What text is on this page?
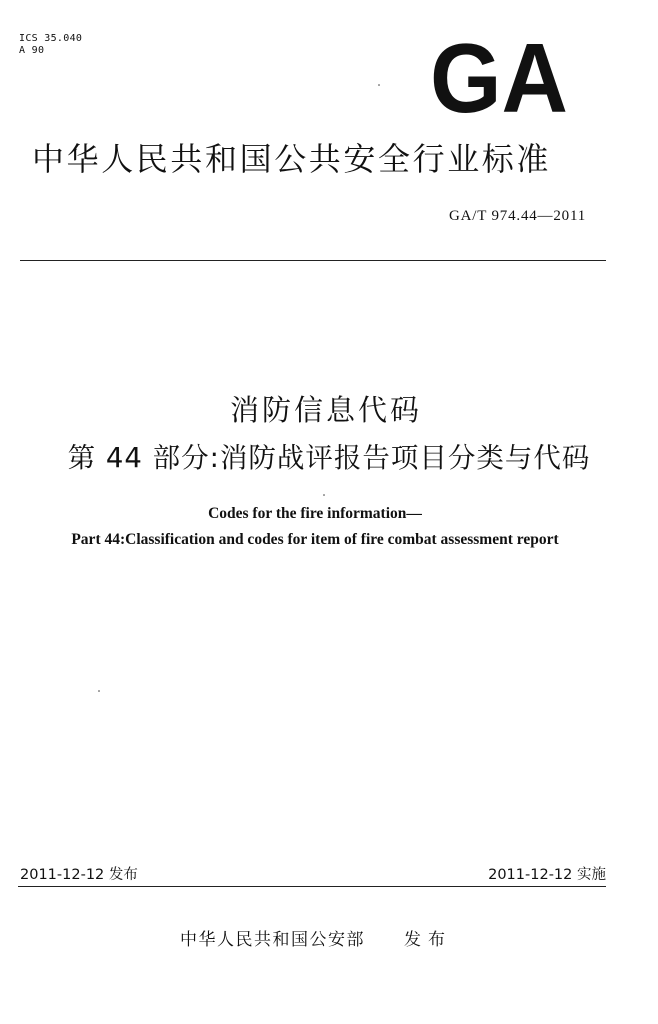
ICS 35.040
A 90	GA
中华人民共和国公共安全行业标准
GA/T 974.44—2011
消防信息代码
第 44 部分:消防战评报告项目分类与代码
Codes for the fire information—
Part 44:Classification and codes for item of fire combat assessment report
2011-12-12 发布	2011-12-12 实施
中华人民共和国公安部 发布
